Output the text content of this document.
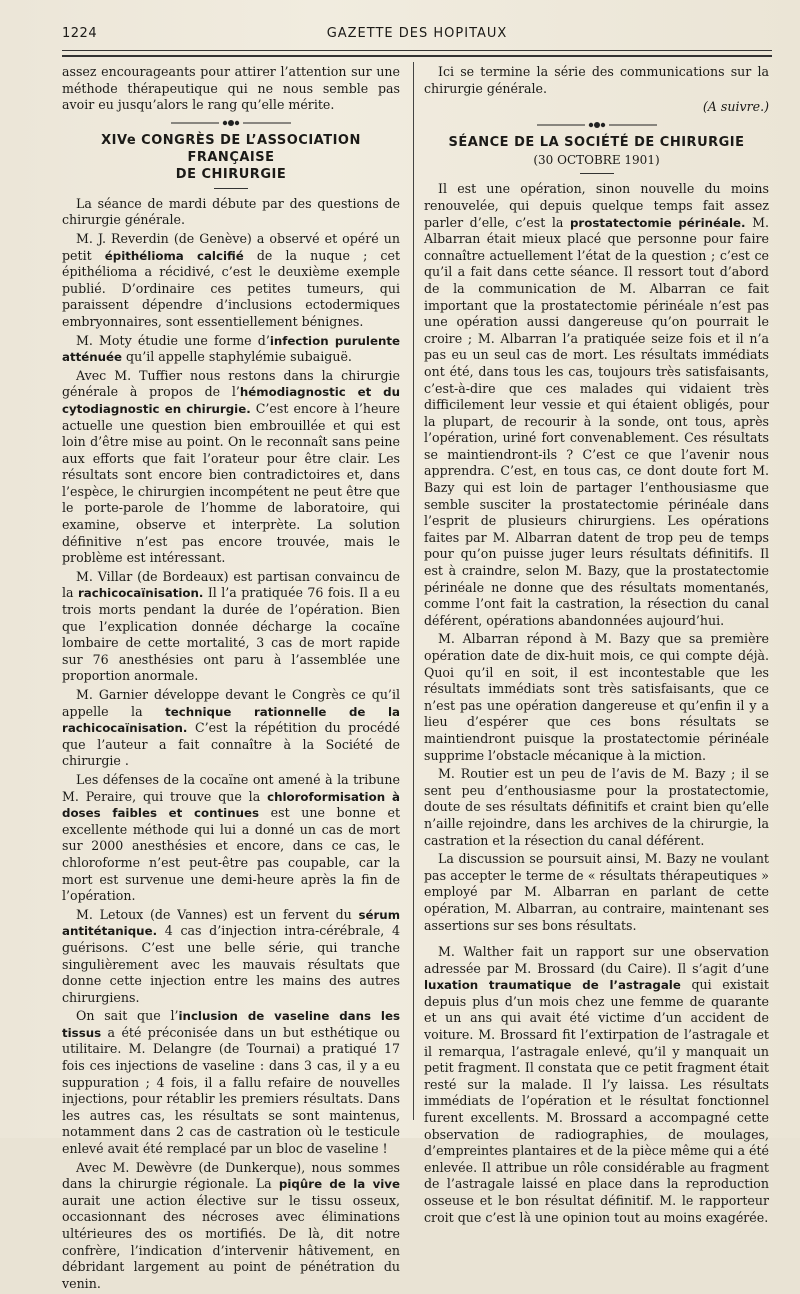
1224	GAZETTE DES HOPITAUX

assez encourageants pour attirer l’attention sur une méthode thérapeutique qui ne nous semble pas avoir eu jusqu’alors le rang qu’elle mérite.

XIVe CONGRÈS DE L’ASSOCIATION FRANÇAISE
DE CHIRURGIE

La séance de mardi débute par des questions de chirurgie générale.

M. J. Reverdin (de Genève) a observé et opéré un petit épithélioma calcifié de la nuque ; cet épithélioma a récidivé, c’est le deuxième exemple publié. D’ordinaire ces petites tumeurs, qui paraissent dépendre d’inclusions ectodermiques embryonnaires, sont essentiellement bénignes.

M. Moty étudie une forme d’infection purulente atténuée qu’il appelle staphylémie subaiguë.

Avec M. Tuffier nous restons dans la chirurgie générale à propos de l’hémodiagnostic et du cytodiagnostic en chirurgie. C’est encore à l’heure actuelle une question bien embrouillée et qui est loin d’être mise au point. On le reconnaît sans peine aux efforts que fait l’orateur pour être clair. Les résultats sont encore bien contradictoires et, dans l’espèce, le chirurgien incompétent ne peut être que le porte-parole de l’homme de laboratoire, qui examine, observe et interprète. La solution définitive n’est pas encore trouvée, mais le problème est intéressant.

M. Villar (de Bordeaux) est partisan convaincu de la rachicocaïnisation. Il l’a pratiquée 76 fois. Il a eu trois morts pendant la durée de l’opération. Bien que l’explication donnée décharge la cocaïne lombaire de cette mortalité, 3 cas de mort rapide sur 76 anesthésies ont paru à l’assemblée une proportion anormale.

M. Garnier développe devant le Congrès ce qu’il appelle la technique rationnelle de la rachicocaïnisation. C’est la répétition du procédé que l’auteur a fait connaître à la Société de chirurgie .

Les défenses de la cocaïne ont amené à la tribune M. Peraire, qui trouve que la chloroformisation à doses faibles et continues est une bonne et excellente méthode qui lui a donné un cas de mort sur 2000 anesthésies et encore, dans ce cas, le chloroforme n’est peut-être pas coupable, car la mort est survenue une demi-heure après la fin de l’opération.

M. Letoux (de Vannes) est un fervent du sérum antitétanique. 4 cas d’injection intra-cérébrale, 4 guérisons. C’est une belle série, qui tranche singulièrement avec les mauvais résultats que donne cette injection entre les mains des autres chirurgiens.

On sait que l’inclusion de vaseline dans les tissus a été préconisée dans un but esthétique ou utilitaire. M. Delangre (de Tournai) a pratiqué 17 fois ces injections de vaseline : dans 3 cas, il y a eu suppuration ; 4 fois, il a fallu refaire de nouvelles injections, pour rétablir les premiers résultats. Dans les autres cas, les résultats se sont maintenus, notamment dans 2 cas de castration où le testicule enlevé avait été remplacé par un bloc de vaseline !

Avec M. Dewèvre (de Dunkerque), nous sommes dans la chirurgie régionale. La piqûre de la vive aurait une action élective sur le tissu osseux, occasionnant des nécroses avec éliminations ultérieures des os mortifiés. De là, dit notre confrère, l’indication d’intervenir hâtivement, en débridant largement au point de pénétration du venin.

Ici se termine la série des communications sur la chirurgie générale.

(A suivre.)

SÉANCE DE LA SOCIÉTÉ DE CHIRURGIE
(30 OCTOBRE 1901)

Il est une opération, sinon nouvelle du moins renouvelée, qui depuis quelque temps fait assez parler d’elle, c’est la prostatectomie périnéale. M. Albarran était mieux placé que personne pour faire connaître actuellement l’état de la question ; c’est ce qu’il a fait dans cette séance. Il ressort tout d’abord de la communication de M. Albarran ce fait important que la prostatectomie périnéale n’est pas une opération aussi dangereuse qu’on pourrait le croire ; M. Albarran l’a pratiquée seize fois et il n’a pas eu un seul cas de mort. Les résultats immédiats ont été, dans tous les cas, toujours très satisfaisants, c’est-à-dire que ces malades qui vidaient très difficilement leur vessie et qui étaient obligés, pour la plupart, de recourir à la sonde, ont tous, après l’opération, uriné fort convenablement. Ces résultats se maintiendront-ils ? C’est ce que l’avenir nous apprendra. C’est, en tous cas, ce dont doute fort M. Bazy qui est loin de partager l’enthousiasme que semble susciter la prostatectomie périnéale dans l’esprit de plusieurs chirurgiens. Les opérations faites par M. Albarran datent de trop peu de temps pour qu’on puisse juger leurs résultats définitifs. Il est à craindre, selon M. Bazy, que la prostatectomie périnéale ne donne que des résultats momentanés, comme l’ont fait la castration, la résection du canal déférent, opérations abandonnées aujourd’hui.

M. Albarran répond à M. Bazy que sa première opération date de dix-huit mois, ce qui compte déjà. Quoi qu’il en soit, il est incontestable que les résultats immédiats sont très satisfaisants, que ce n’est pas une opération dangereuse et qu’enfin il y a lieu d’espérer que ces bons résultats se maintiendront puisque la prostatectomie périnéale supprime l’obstacle mécanique à la miction.

M. Routier est un peu de l’avis de M. Bazy ; il se sent peu d’enthousiasme pour la prostatectomie, doute de ses résultats définitifs et craint bien qu’elle n’aille rejoindre, dans les archives de la chirurgie, la castration et la résection du canal déférent.

La discussion se poursuit ainsi, M. Bazy ne voulant pas accepter le terme de « résultats thérapeutiques » employé par M. Albarran en parlant de cette opération, M. Albarran, au contraire, maintenant ses assertions sur ses bons résultats.

M. Walther fait un rapport sur une observation adressée par M. Brossard (du Caire). Il s’agit d’une luxation traumatique de l’astragale qui existait depuis plus d’un mois chez une femme de quarante et un ans qui avait été victime d’un accident de voiture. M. Brossard fit l’extirpation de l’astragale et il remarqua, l’astragale enlevé, qu’il y manquait un petit fragment. Il constata que ce petit fragment était resté sur la malade. Il l’y laissa. Les résultats immédiats de l’opération et le résultat fonctionnel furent excellents. M. Brossard a accompagné cette observation de radiographies, de moulages, d’empreintes plantaires et de la pièce même qui a été enlevée. Il attribue un rôle considérable au fragment de l’astragale laissé en place dans la reproduction osseuse et le bon résultat définitif. M. le rapporteur croit que c’est là une opinion tout au moins exagérée.
